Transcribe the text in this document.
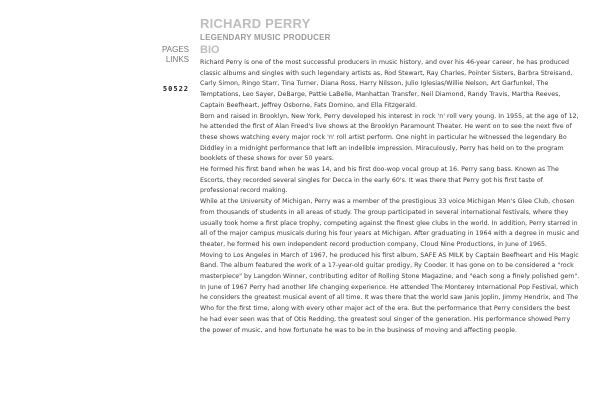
RICHARD PERRY
LEGENDARY MUSIC PRODUCER
PAGES
LINKS
50522
BIO

Richard Perry is one of the most successful producers in music history, and over his 46-year career, he has produced classic albums and singles with such legendary artists as, Rod Stewart, Ray Charles, Pointer Sisters, Barbra Streisand, Carly Simon, Ringo Starr, Tina Turner, Diana Ross, Harry Nilsson, Julio Iglesias/Willie Nelson, Art Garfunkel, The Temptations, Leo Sayer, DeBarge, Pattie LaBelle, Manhattan Transfer, Neil Diamond, Randy Travis, Martha Reeves, Captain Beefheart, Jeffrey Osborne, Fats Domino, and Ella Fitzgerald.

Born and raised in Brooklyn, New York, Perry developed his interest in rock 'n' roll very young. In 1955, at the age of 12, he attended the first of Alan Freed's live shows at the Brooklyn Paramount Theater. He went on to see the next five of these shows watching every major rock 'n' roll artist perform. One night in particular he witnessed the legendary Bo Diddley in a midnight performance that left an indelible impression. Miraculously, Perry has held on to the program booklets of these shows for over 50 years.

He formed his first band when he was 14, and his first doo-wop vocal group at 16. Perry sang bass. Known as The Escorts, they recorded several singles for Decca in the early 60's. It was there that Perry got his first taste of professional record making.

While at the University of Michigan, Perry was a member of the prestigious 33 voice Michigan Men's Glee Club, chosen from thousands of students in all areas of study. The group participated in several international festivals, where they usually took home a first place trophy, competing against the finest glee clubs in the world. In addition, Perry starred in all of the major campus musicals during his four years at Michigan. After graduating in 1964 with a degree in music and theater, he formed his own independent record production company, Cloud Nine Productions, in June of 1965.

Moving to Los Angeles in March of 1967, he produced his first album, SAFE AS MILK by Captain Beefheart and His Magic Band. The album featured the work of a 17-year-old guitar prodigy, Ry Cooder. It has gone on to be considered a "rock masterpiece" by Langdon Winner, contributing editor of Rolling Stone Magazine, and "each song a finely polished gem".

In June of 1967 Perry had another life changing experience. He attended The Monterey International Pop Festival, which he considers the greatest musical event of all time. It was there that the world saw Janis Joplin, Jimmy Hendrix, and The Who for the first time, along with every other major act of the era. But the performance that Perry considers the best he had ever seen was that of Otis Redding, the greatest soul singer of the generation. His performance showed Perry the power of music, and how fortunate he was to be in the business of moving and affecting people.
